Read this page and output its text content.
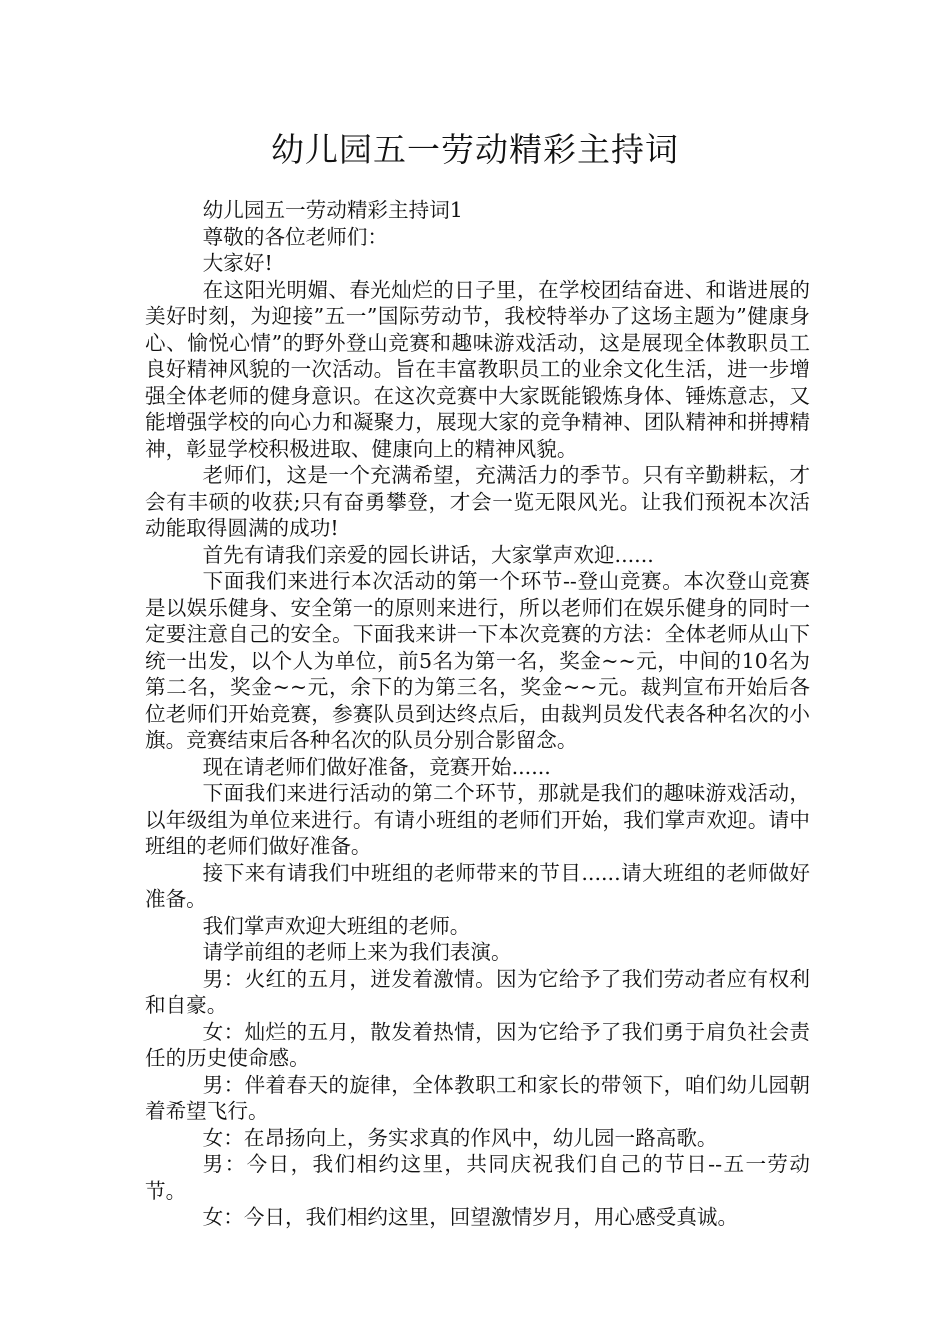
幼儿园五一劳动精彩主持词

幼儿园五一劳动精彩主持词1

尊敬的各位老师们：

大家好!

在这阳光明媚、春光灿烂的日子里，在学校团结奋进、和谐进展的美好时刻，为迎接”五一”国际劳动节，我校特举办了这场主题为”健康身心、愉悦心情”的野外登山竞赛和趣味游戏活动，这是展现全体教职员工良好精神风貌的一次活动。旨在丰富教职员工的业余文化生活，进一步增强全体老师的健身意识。在这次竞赛中大家既能锻炼身体、锤炼意志，又能增强学校的向心力和凝聚力，展现大家的竞争精神、团队精神和拼搏精神，彰显学校积极进取、健康向上的精神风貌。

老师们，这是一个充满希望，充满活力的季节。只有辛勤耕耘，才会有丰硕的收获;只有奋勇攀登，才会一览无限风光。让我们预祝本次活动能取得圆满的成功!

首先有请我们亲爱的园长讲话，大家掌声欢迎......

下面我们来进行本次活动的第一个环节--登山竞赛。本次登山竞赛是以娱乐健身、安全第一的原则来进行，所以老师们在娱乐健身的同时一定要注意自己的安全。下面我来讲一下本次竞赛的方法：全体老师从山下统一出发，以个人为单位，前5名为第一名，奖金~~元，中间的10名为第二名，奖金~~元，余下的为第三名，奖金~~元。裁判宣布开始后各位老师们开始竞赛，参赛队员到达终点后，由裁判员发代表各种名次的小旗。竞赛结束后各种名次的队员分别合影留念。

现在请老师们做好准备，竞赛开始......

下面我们来进行活动的第二个环节，那就是我们的趣味游戏活动，以年级组为单位来进行。有请小班组的老师们开始，我们掌声欢迎。请中班组的老师们做好准备。

接下来有请我们中班组的老师带来的节目......请大班组的老师做好准备。

我们掌声欢迎大班组的老师。

请学前组的老师上来为我们表演。

男：火红的五月，迸发着激情。因为它给予了我们劳动者应有权利和自豪。

女：灿烂的五月，散发着热情，因为它给予了我们勇于肩负社会责任的历史使命感。

男：伴着春天的旋律，全体教职工和家长的带领下，咱们幼儿园朝着希望飞行。

女：在昂扬向上，务实求真的作风中，幼儿园一路高歌。

男：今日，我们相约这里，共同庆祝我们自己的节日--五一劳动节。

女：今日，我们相约这里，回望激情岁月，用心感受真诚。
